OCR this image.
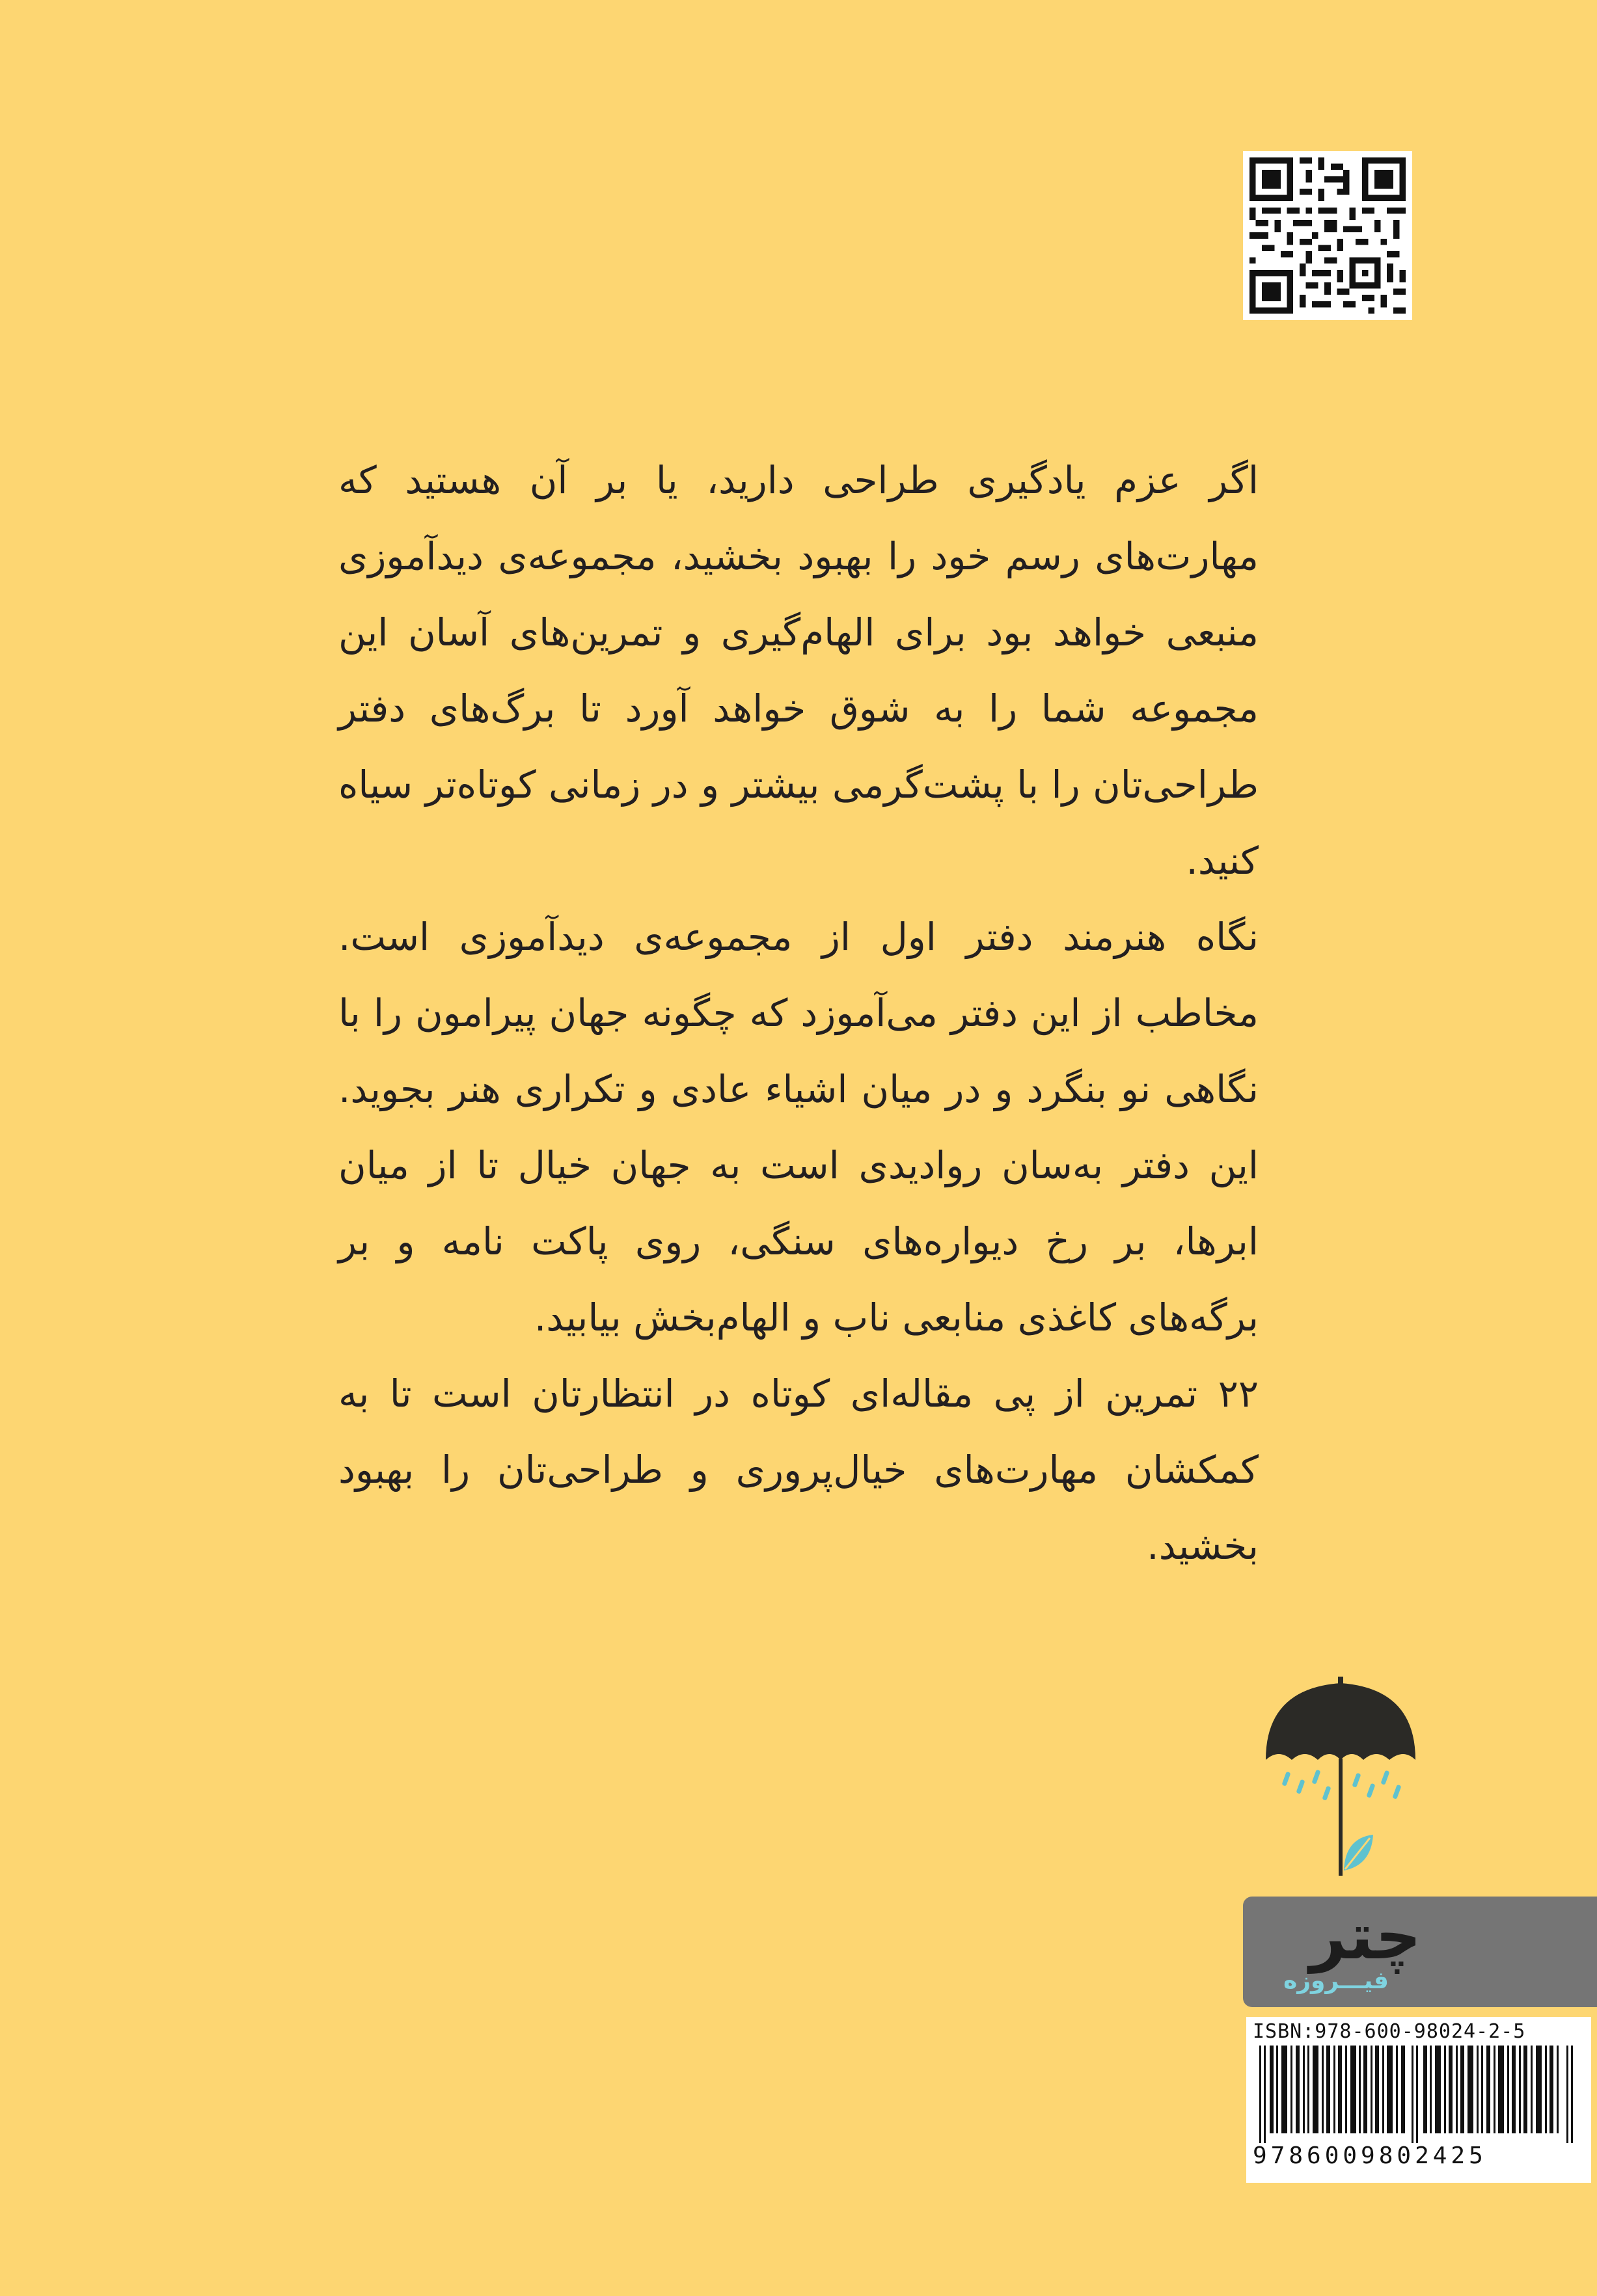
اگر عزم یادگیری طراحی دارید، یا بر آن هستید که مهارت‌های رسم خود را بهبود بخشید، مجموعه‌ی دیدآموزی منبعی خواهد بود برای الهام‌گیری و تمرین‌های آسان این مجموعه شما را به شوق خواهد آورد تا برگ‌های دفتر طراحی‌تان را با پشت‌گرمی بیشتر و در زمانی کوتاه‌تر سیاه کنید.

نگاه هنرمند دفتر اول از مجموعه‌ی دیدآموزی است. مخاطب از این دفتر می‌آموزد که چگونه جهان پیرامون را با نگاهی نو بنگرد و در میان اشیاء عادی و تکراری هنر بجوید. این دفتر به‌سان روادیدی است به جهان خیال تا از میان ابرها، بر رخ دیواره‌های سنگی، روی پاکت نامه و بر برگه‌های کاغذی منابعی ناب و الهام‌بخش بیابید.

۲۲ تمرین از پی مقاله‌ای کوتاه در انتظارتان است تا به کمکشان مهارت‌های خیال‌پروری و طراحی‌تان را بهبود بخشید.

چتر
فیـــروزه
ISBN:978-600-98024-2-5
9786009802425
